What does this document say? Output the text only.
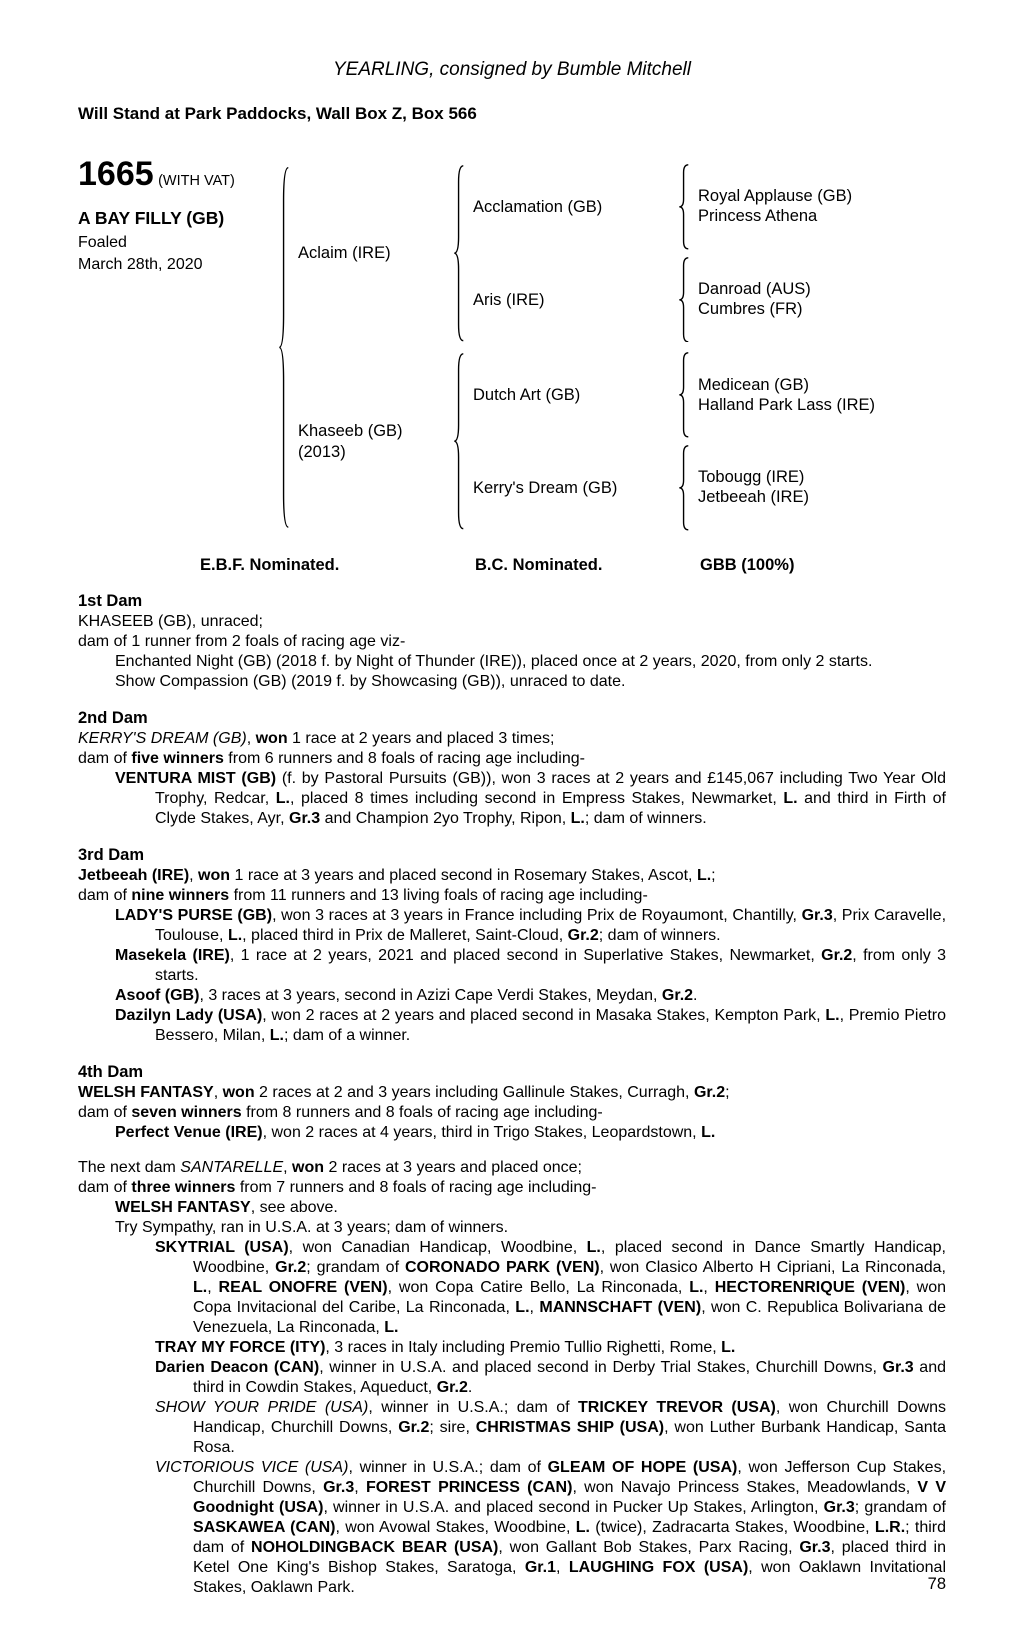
YEARLING, consigned by Bumble Mitchell
Will Stand at Park Paddocks, Wall Box Z, Box 566
1665 (WITH VAT)
A BAY FILLY (GB)
Foaled
March 28th, 2020
Aclaim (IRE)
Acclamation (GB)
Royal Applause (GB)
Princess Athena
Aris (IRE)
Danroad (AUS)
Cumbres (FR)
Khaseeb (GB)
(2013)
Dutch Art (GB)
Medicean (GB)
Halland Park Lass (IRE)
Kerry's Dream (GB)
Tobougg (IRE)
Jetbeeah (IRE)
E.B.F. Nominated.	B.C. Nominated.	GBB (100%)
1st Dam

KHASEEB (GB), unraced;

dam of 1 runner from 2 foals of racing age viz-

Enchanted Night (GB) (2018 f. by Night of Thunder (IRE)), placed once at 2 years, 2020, from only 2 starts.

Show Compassion (GB) (2019 f. by Showcasing (GB)), unraced to date.

2nd Dam

KERRY'S DREAM (GB), won 1 race at 2 years and placed 3 times;

dam of five winners from 6 runners and 8 foals of racing age including-

VENTURA MIST (GB) (f. by Pastoral Pursuits (GB)), won 3 races at 2 years and £145,067 including Two Year Old Trophy, Redcar, L., placed 8 times including second in Empress Stakes, Newmarket, L. and third in Firth of Clyde Stakes, Ayr, Gr.3 and Champion 2yo Trophy, Ripon, L.; dam of winners.

3rd Dam

Jetbeeah (IRE), won 1 race at 3 years and placed second in Rosemary Stakes, Ascot, L.;

dam of nine winners from 11 runners and 13 living foals of racing age including-

LADY'S PURSE (GB), won 3 races at 3 years in France including Prix de Royaumont, Chantilly, Gr.3, Prix Caravelle, Toulouse, L., placed third in Prix de Malleret, Saint-Cloud, Gr.2; dam of winners.

Masekela (IRE), 1 race at 2 years, 2021 and placed second in Superlative Stakes, Newmarket, Gr.2, from only 3 starts.

Asoof (GB), 3 races at 3 years, second in Azizi Cape Verdi Stakes, Meydan, Gr.2.

Dazilyn Lady (USA), won 2 races at 2 years and placed second in Masaka Stakes, Kempton Park, L., Premio Pietro Bessero, Milan, L.; dam of a winner.

4th Dam

WELSH FANTASY, won 2 races at 2 and 3 years including Gallinule Stakes, Curragh, Gr.2;

dam of seven winners from 8 runners and 8 foals of racing age including-

Perfect Venue (IRE), won 2 races at 4 years, third in Trigo Stakes, Leopardstown, L.

The next dam SANTARELLE, won 2 races at 3 years and placed once;

dam of three winners from 7 runners and 8 foals of racing age including-

WELSH FANTASY, see above.

Try Sympathy, ran in U.S.A. at 3 years; dam of winners.

SKYTRIAL (USA), won Canadian Handicap, Woodbine, L., placed second in Dance Smartly Handicap, Woodbine, Gr.2; grandam of CORONADO PARK (VEN), won Clasico Alberto H Cipriani, La Rinconada, L., REAL ONOFRE (VEN), won Copa Catire Bello, La Rinconada, L., HECTORENRIQUE (VEN), won Copa Invitacional del Caribe, La Rinconada, L., MANNSCHAFT (VEN), won C. Republica Bolivariana de Venezuela, La Rinconada, L.

TRAY MY FORCE (ITY), 3 races in Italy including Premio Tullio Righetti, Rome, L.

Darien Deacon (CAN), winner in U.S.A. and placed second in Derby Trial Stakes, Churchill Downs, Gr.3 and third in Cowdin Stakes, Aqueduct, Gr.2.

SHOW YOUR PRIDE (USA), winner in U.S.A.; dam of TRICKEY TREVOR (USA), won Churchill Downs Handicap, Churchill Downs, Gr.2; sire, CHRISTMAS SHIP (USA), won Luther Burbank Handicap, Santa Rosa.

VICTORIOUS VICE (USA), winner in U.S.A.; dam of GLEAM OF HOPE (USA), won Jefferson Cup Stakes, Churchill Downs, Gr.3, FOREST PRINCESS (CAN), won Navajo Princess Stakes, Meadowlands, V V Goodnight (USA), winner in U.S.A. and placed second in Pucker Up Stakes, Arlington, Gr.3; grandam of SASKAWEA (CAN), won Avowal Stakes, Woodbine, L. (twice), Zadracarta Stakes, Woodbine, L.R.; third dam of NOHOLDINGBACK BEAR (USA), won Gallant Bob Stakes, Parx Racing, Gr.3, placed third in Ketel One King's Bishop Stakes, Saratoga, Gr.1, LAUGHING FOX (USA), won Oaklawn Invitational Stakes, Oaklawn Park.	78
